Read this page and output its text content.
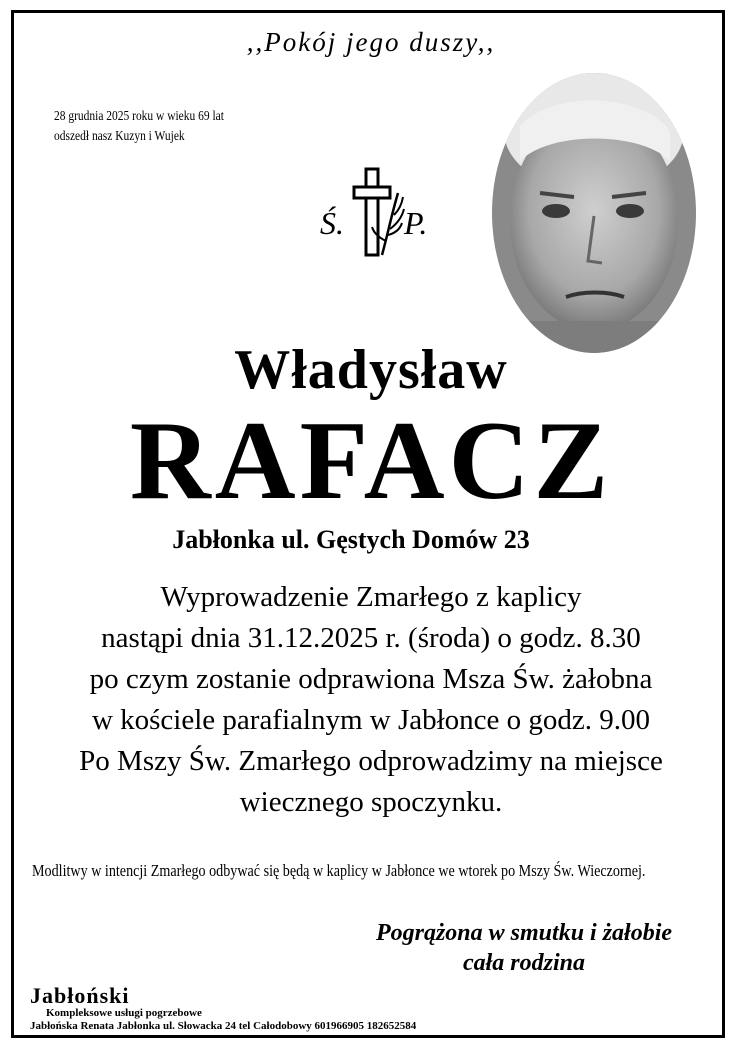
,,Pokój jego duszy,,
28 grudnia 2025 roku w wieku 69 lat
odszedł nasz Kuzyn i Wujek
Ś. P.
Władysław
RAFACZ
Jabłonka ul. Gęstych Domów 23
Wyprowadzenie Zmarłego z kaplicy
nastąpi dnia 31.12.2025 r. (środa) o godz. 8.30
po czym zostanie odprawiona Msza Św. żałobna
w kościele parafialnym w Jabłonce o godz. 9.00
Po Mszy Św. Zmarłego odprowadzimy na miejsce
wiecznego spoczynku.
Modlitwy w intencji Zmarłego odbywać się będą w kaplicy w Jabłonce we wtorek po Mszy Św. Wieczornej.
Pogrążona w smutku i żałobie
cała rodzina
Jabłoński
Kompleksowe usługi pogrzebowe
Jabłońska Renata Jabłonka ul. Słowacka 24 tel Całodobowy 601966905 182652584
